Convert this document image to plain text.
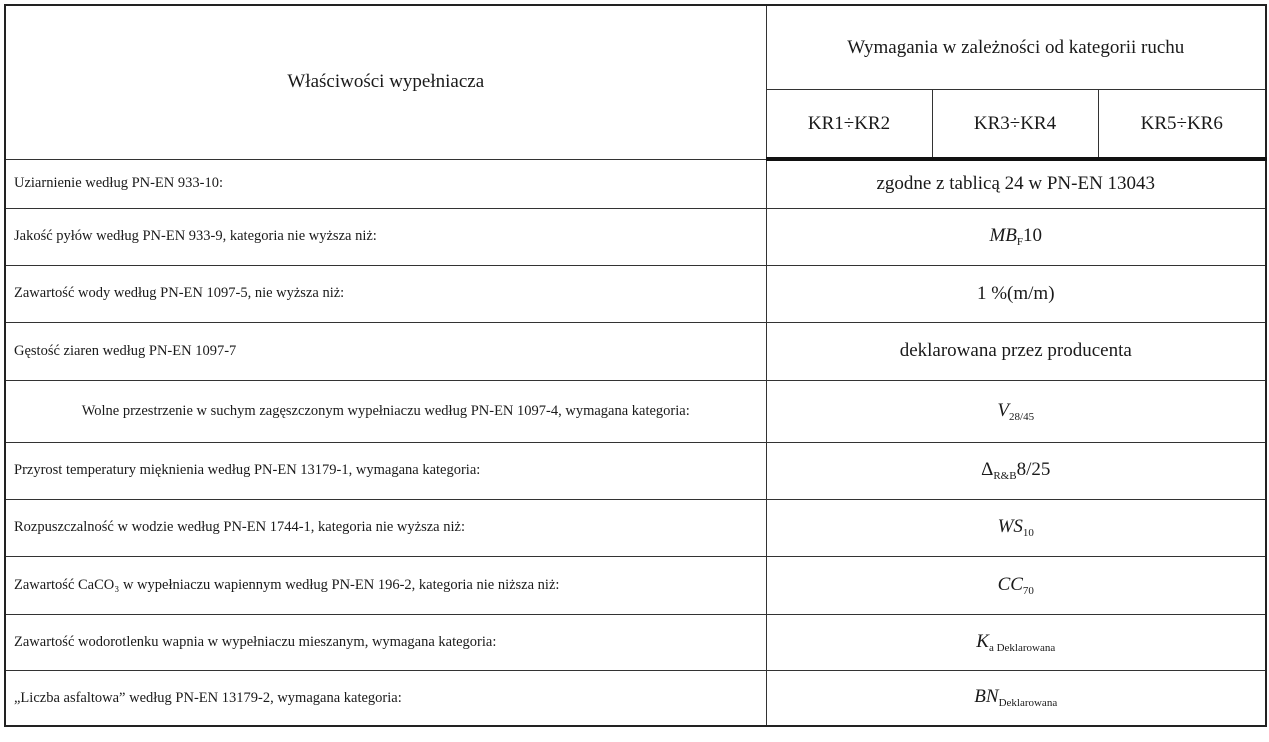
Właściwości wypełniacza	Wymagania w zależności od kategorii ruchu		
	KR1÷KR2	KR3÷KR4	KR5÷KR6
Uziarnienie według PN-EN 933-10:	zgodne z tablicą 24 w PN-EN 13043		
Jakość pyłów według PN-EN 933-9, kategoria nie wyższa niż:	$MB_F10$		
Zawartość wody według PN-EN 1097-5, nie wyższa niż:	1 %(m/m)		
Gęstość ziaren według PN-EN 1097-7	deklarowana przez producenta		
Wolne przestrzenie w suchym zagęszczonym wypełniaczu według PN-EN 1097-4, wymagana kategoria:	$V_{28/45}$
Przyrost temperatury mięknienia według PN-EN 13179-1, wymagana kategoria:	$\Delta_{R\&B}8/25$		
Rozpuszczalność w wodzie według PN-EN 1744-1, kategoria nie wyższa niż:	$WS_{10}$
Zawartość CaCO₃ w wypełniaczu wapiennym według PN-EN 196-2, kategoria nie niższa niż:	$CC_{70}$
Zawartość wodorotlenku wapnia w wypełniaczu mieszanym, wymagana kategoria:	$K_{a Deklarowana}$
„Liczba asfaltowa” według PN-EN 13179-2, wymagana kategoria:	$BN_{Deklarowana}$
